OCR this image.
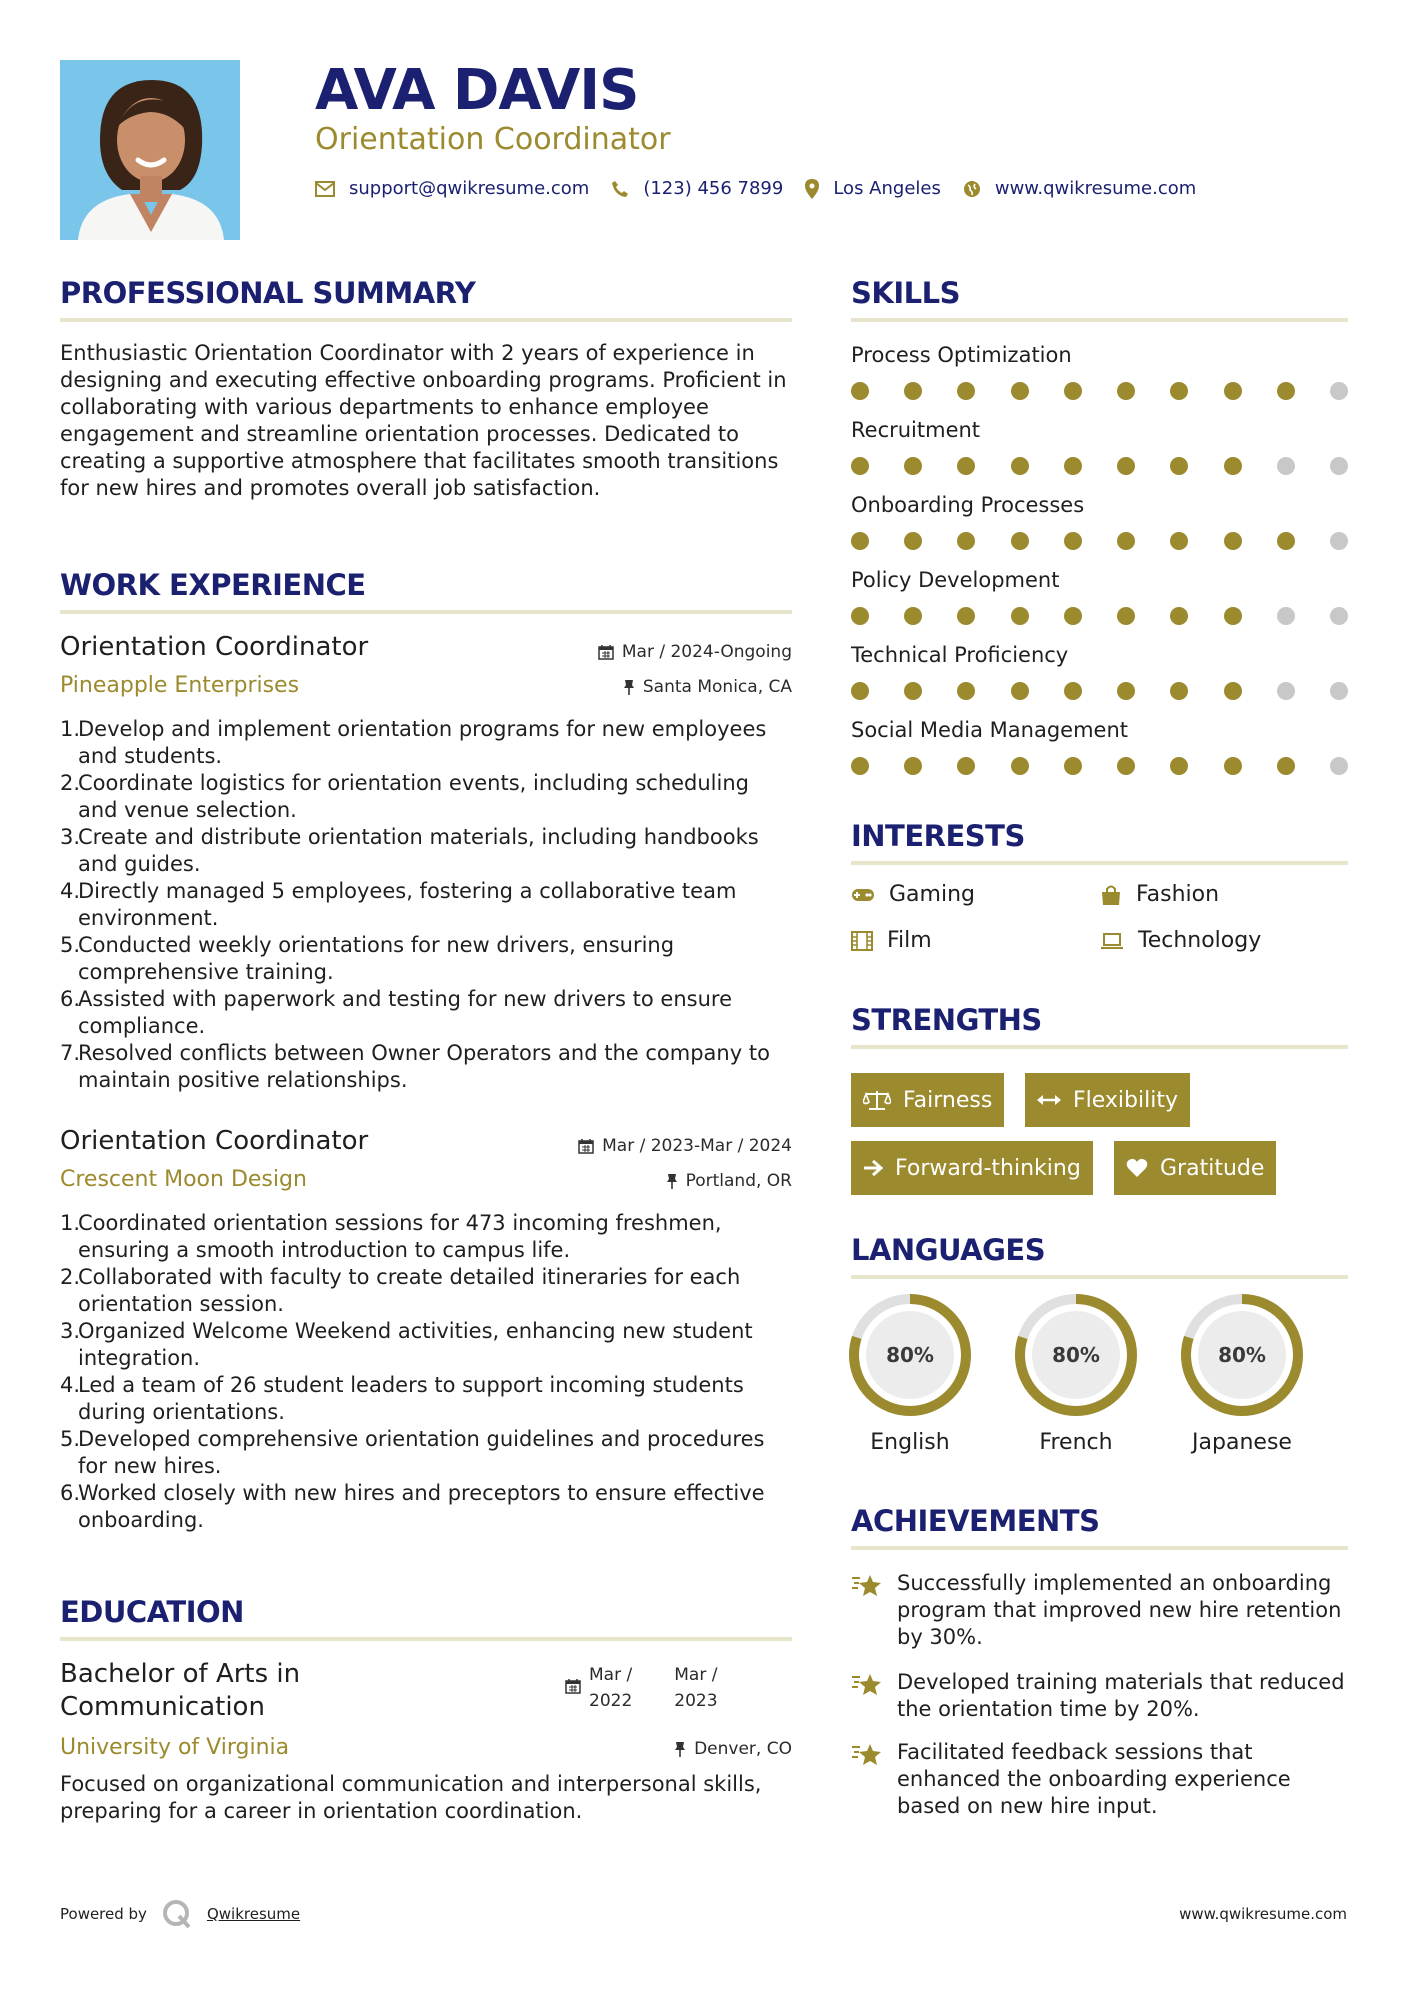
AVA DAVIS
Orientation Coordinator
support@qwikresume.com	(123) 456 7899	Los Angeles	www.qwikresume.com
PROFESSIONAL SUMMARY
Enthusiastic Orientation Coordinator with 2 years of experience in designing and executing effective onboarding programs. Proficient in collaborating with various departments to enhance employee engagement and streamline orientation processes. Dedicated to creating a supportive atmosphere that facilitates smooth transitions for new hires and promotes overall job satisfaction.
WORK EXPERIENCE
Orientation Coordinator	Mar / 2024-Ongoing
Pineapple Enterprises	Santa Monica, CA
1.
Develop and implement orientation programs for new employees and students.
2.
Coordinate logistics for orientation events, including scheduling and venue selection.
3.
Create and distribute orientation materials, including handbooks and guides.
4.
Directly managed 5 employees, fostering a collaborative team environment.
5.
Conducted weekly orientations for new drivers, ensuring comprehensive training.
6.
Assisted with paperwork and testing for new drivers to ensure compliance.
7.
Resolved conflicts between Owner Operators and the company to maintain positive relationships.
Orientation Coordinator	Mar / 2023-Mar / 2024
Crescent Moon Design	Portland, OR
1.
Coordinated orientation sessions for 473 incoming freshmen, ensuring a smooth introduction to campus life.
2.
Collaborated with faculty to create detailed itineraries for each orientation session.
3.
Organized Welcome Weekend activities, enhancing new student integration.
4.
Led a team of 26 student leaders to support incoming students during orientations.
5.
Developed comprehensive orientation guidelines and procedures for new hires.
6.
Worked closely with new hires and preceptors to ensure effective onboarding.
EDUCATION
Bachelor of Arts in
Communication
Mar /
2022
Mar /
2023
University of Virginia	Denver, CO
Focused on organizational communication and interpersonal skills, preparing for a career in orientation coordination.
SKILLS
Process Optimization
Recruitment
Onboarding Processes
Policy Development
Technical Proficiency
Social Media Management
INTERESTS
Gaming	Fashion
Film	Technology
STRENGTHS
Fairness	Flexibility
Forward-thinking	Gratitude
LANGUAGES
80%
English
80%
French
80%
Japanese
ACHIEVEMENTS
Successfully implemented an onboarding program that improved new hire retention by 30%.
Developed training materials that reduced the orientation time by 20%.
Facilitated feedback sessions that enhanced the onboarding experience based on new hire input.
Powered by	Qwikresume	www.qwikresume.com
